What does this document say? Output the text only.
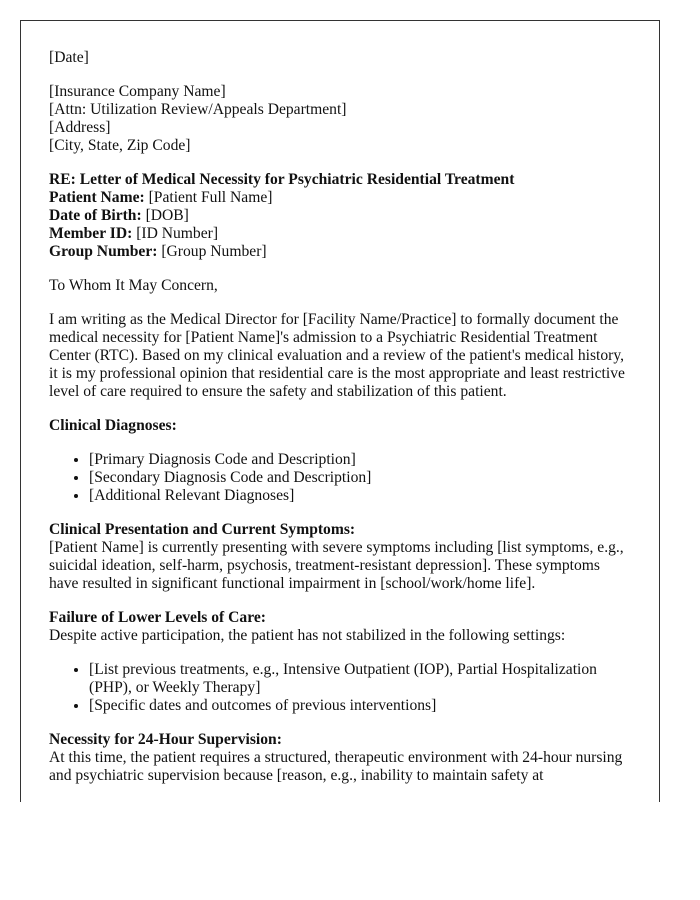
[Date]

[Insurance Company Name]
[Attn: Utilization Review/Appeals Department]
[Address]
[City, State, Zip Code]

RE: Letter of Medical Necessity for Psychiatric Residential Treatment
Patient Name: [Patient Full Name]
Date of Birth: [DOB]
Member ID: [ID Number]
Group Number: [Group Number]

To Whom It May Concern,

I am writing as the Medical Director for [Facility Name/Practice] to formally document the medical necessity for [Patient Name]'s admission to a Psychiatric Residential Treatment Center (RTC). Based on my clinical evaluation and a review of the patient's medical history, it is my professional opinion that residential care is the most appropriate and least restrictive level of care required to ensure the safety and stabilization of this patient.

Clinical Diagnoses:

• [Primary Diagnosis Code and Description]
• [Secondary Diagnosis Code and Description]
• [Additional Relevant Diagnoses]

Clinical Presentation and Current Symptoms:
[Patient Name] is currently presenting with severe symptoms including [list symptoms, e.g., suicidal ideation, self-harm, psychosis, treatment-resistant depression]. These symptoms have resulted in significant functional impairment in [school/work/home life].

Failure of Lower Levels of Care:
Despite active participation, the patient has not stabilized in the following settings:

• [List previous treatments, e.g., Intensive Outpatient (IOP), Partial Hospitalization (PHP), or Weekly Therapy]
• [Specific dates and outcomes of previous interventions]

Necessity for 24-Hour Supervision:
At this time, the patient requires a structured, therapeutic environment with 24-hour nursing and psychiatric supervision because [reason, e.g., inability to maintain safety at
